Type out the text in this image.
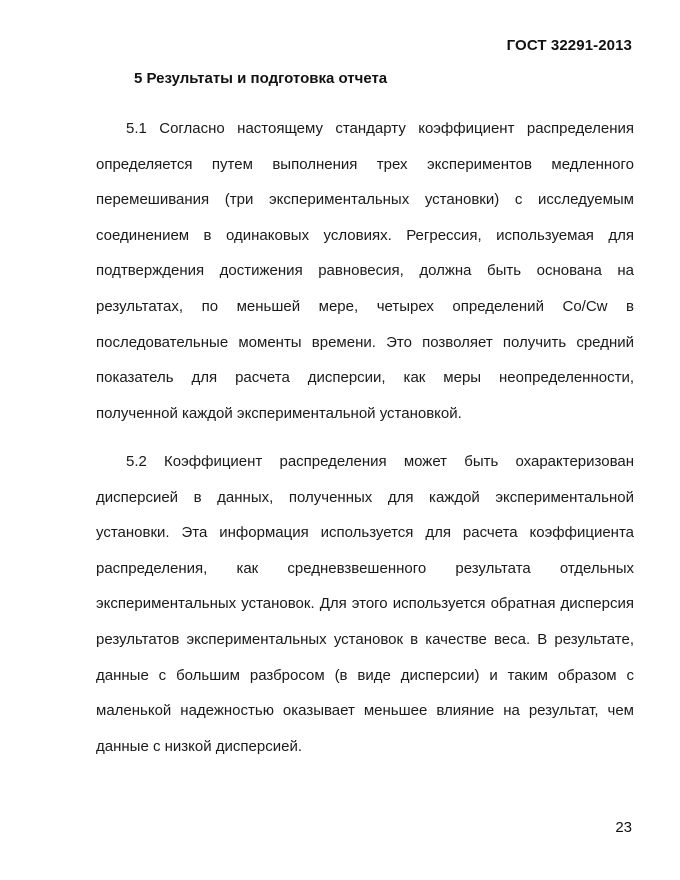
ГОСТ 32291-2013
5 Результаты и подготовка отчета

5.1 Согласно настоящему стандарту коэффициент распределения определяется путем выполнения трех экспериментов медленного перемешивания (три экспериментальных установки) с исследуемым соединением в одинаковых условиях. Регрессия, используемая для подтверждения достижения равновесия, должна быть основана на результатах, по меньшей мере, четырех определений Co/Cw в последовательные моменты времени. Это позволяет получить средний показатель для расчета дисперсии, как меры неопределенности, полученной каждой экспериментальной установкой.

5.2 Коэффициент распределения может быть охарактеризован дисперсией в данных, полученных для каждой экспериментальной установки. Эта информация используется для расчета коэффициента распределения, как средневзвешенного результата отдельных экспериментальных установок. Для этого используется обратная дисперсия результатов экспериментальных установок в качестве веса. В результате, данные с большим разбросом (в виде дисперсии) и таким образом с маленькой надежностью оказывает меньшее влияние на результат, чем данные с низкой дисперсией.

23
